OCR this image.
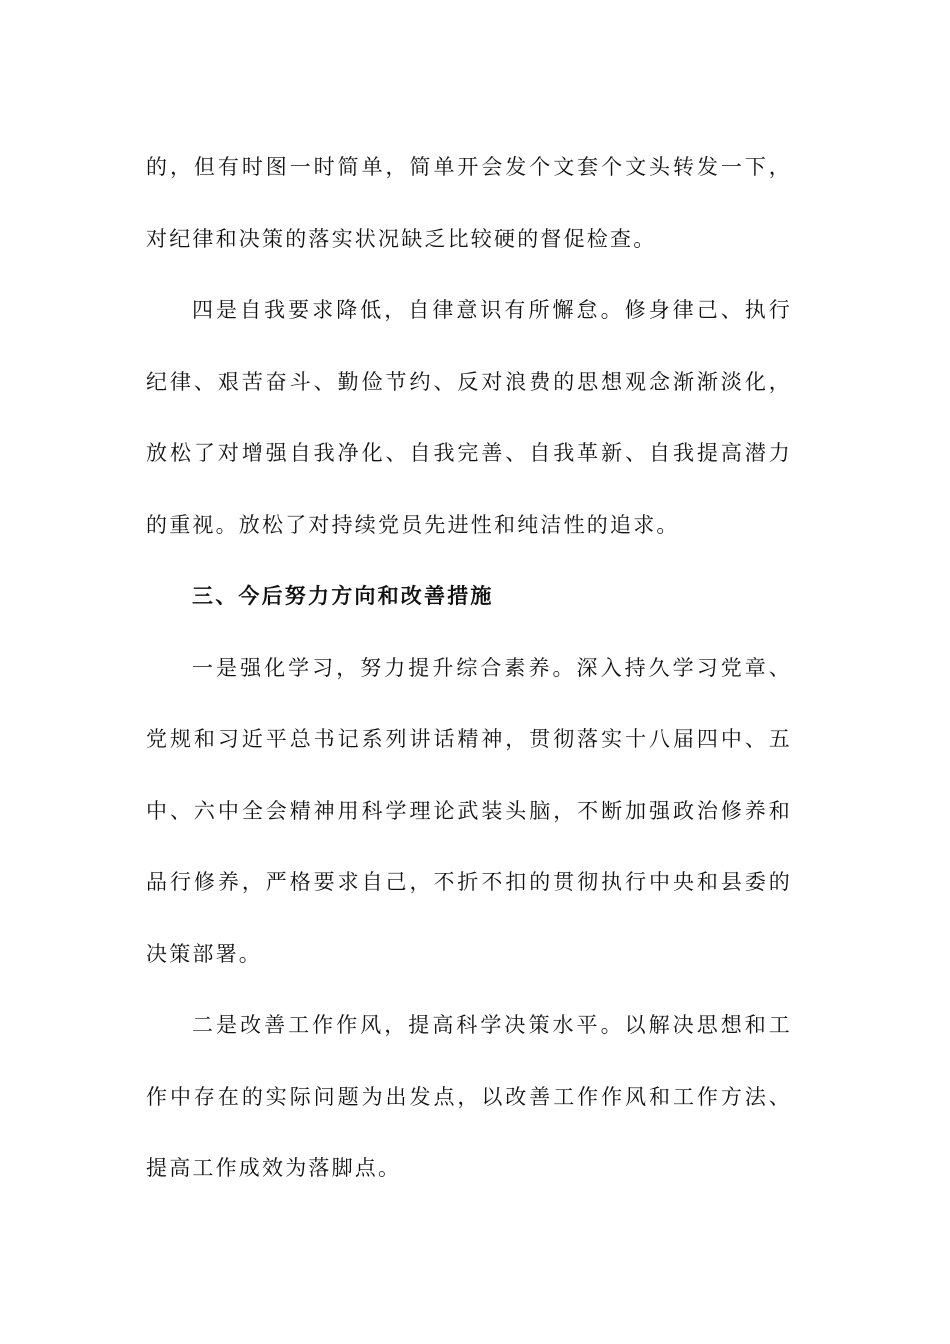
的，但有时图一时简单，简单开会发个文套个文头转发一下，对纪律和决策的落实状况缺乏比较硬的督促检查。

四是自我要求降低，自律意识有所懈怠。修身律己、执行纪律、艰苦奋斗、勤俭节约、反对浪费的思想观念渐渐淡化，放松了对增强自我净化、自我完善、自我革新、自我提高潜力的重视。放松了对持续党员先进性和纯洁性的追求。

三、今后努力方向和改善措施

一是强化学习，努力提升综合素养。深入持久学习党章、党规和习近平总书记系列讲话精神，贯彻落实十八届四中、五中、六中全会精神用科学理论武装头脑，不断加强政治修养和品行修养，严格要求自己，不折不扣的贯彻执行中央和县委的决策部署。

二是改善工作作风，提高科学决策水平。以解决思想和工作中存在的实际问题为出发点，以改善工作作风和工作方法、提高工作成效为落脚点。
